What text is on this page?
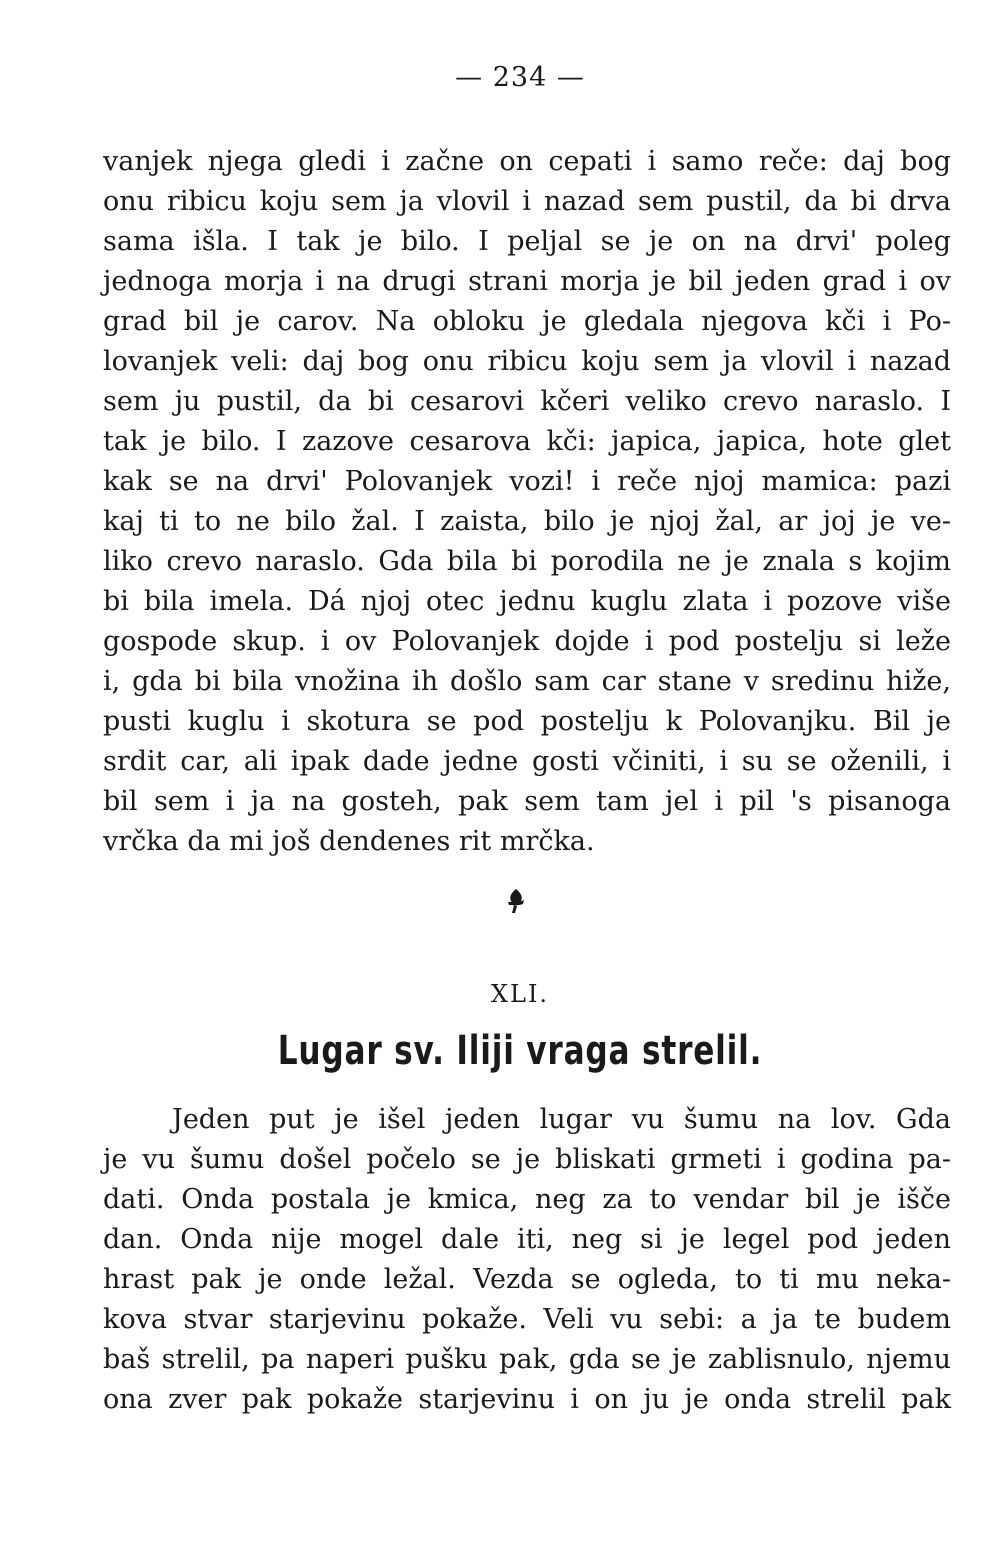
— 234 —
vanjek njega gledi i začne on cepati i samo reče: daj bog
onu ribicu koju sem ja vlovil i nazad sem pustil, da bi drva
sama išla. I tak je bilo. I peljal se je on na drvi' poleg
jednoga morja i na drugi strani morja je bil jeden grad i ov
grad bil je carov. Na obloku je gledala njegova kči i Po-
lovanjek veli: daj bog onu ribicu koju sem ja vlovil i nazad
sem ju pustil, da bi cesarovi kčeri veliko crevo naraslo. I
tak je bilo. I zazove cesarova kči: japica, japica, hote glet
kak se na drvi' Polovanjek vozi! i reče njoj mamica: pazi
kaj ti to ne bilo žal. I zaista, bilo je njoj žal, ar joj je ve-
liko crevo naraslo. Gda bila bi porodila ne je znala s kojim
bi bila imela. Dá njoj otec jednu kuglu zlata i pozove više
gospode skup. i ov Polovanjek dojde i pod postelju si leže
i, gda bi bila vnožina ih došlo sam car stane v sredinu hiže,
pusti kuglu i skotura se pod postelju k Polovanjku. Bil je
srdit car, ali ipak dade jedne gosti včiniti, i su se oženili, i
bil sem i ja na gosteh, pak sem tam jel i pil 's pisanoga
vrčka da mi još dendenes rit mrčka.
XLI.
Lugar sv. Iliji vraga strelil.
Jeden put je išel jeden lugar vu šumu na lov. Gda
je vu šumu došel počelo se je bliskati grmeti i godina pa-
dati. Onda postala je kmica, neg za to vendar bil je išče
dan. Onda nije mogel dale iti, neg si je legel pod jeden
hrast pak je onde ležal. Vezda se ogleda, to ti mu neka-
kova stvar starjevinu pokaže. Veli vu sebi: a ja te budem
baš strelil, pa naperi pušku pak, gda se je zablisnulo, njemu
ona zver pak pokaže starjevinu i on ju je onda strelil pak
